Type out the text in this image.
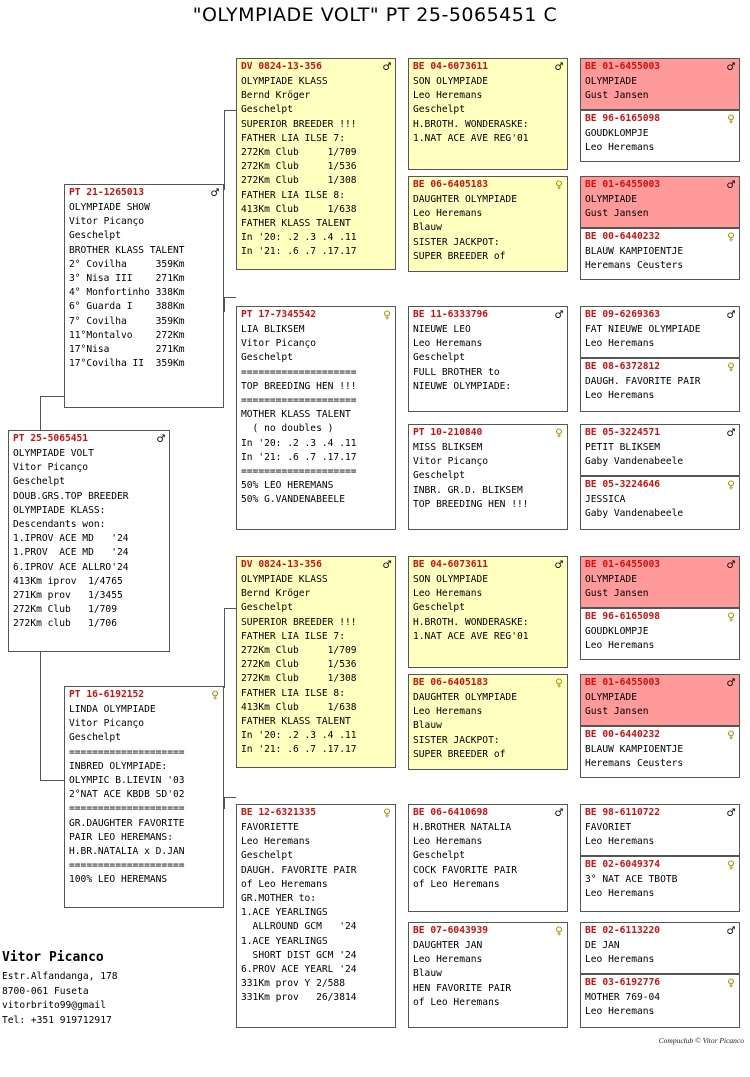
"OLYMPIADE VOLT" PT 25-5065451 C
PT 25-5065451	♂
OLYMPIADE VOLT
Vitor Picanço
Geschelpt
DOUB.GRS.TOP BREEDER
OLYMPIADE KLASS:
Descendants won:
1.IPROV ACE MD   '24
1.PROV  ACE MD   '24
6.IPROV ACE ALLRO'24
413Km iprov  1/4765
271Km prov   1/3455
272Km Club   1/709
272Km club   1/706
PT 21-1265013	♂
OLYMPIADE SHOW
Vitor Picanço
Geschelpt
BROTHER KLASS TALENT
2° Covilha     359Km
3° Nisa III    271Km
4° Monfortinho 338Km
6° Guarda I    388Km
7° Covilha     359Km
11°Montalvo    272Km
17°Nisa        271Km
17°Covilha II  359Km
PT 16-6192152	♀
LINDA OLYMPIADE
Vitor Picanço
Geschelpt
====================
INBRED OLYMPIADE:
OLYMPIC B.LIEVIN '03
2°NAT ACE KBDB SD'02
====================
GR.DAUGHTER FAVORITE
PAIR LEO HEREMANS:
H.BR.NATALIA x D.JAN
====================
100% LEO HEREMANS
DV 0824-13-356	♂
OLYMPIADE KLASS
Bernd Kröger
Geschelpt
SUPERIOR BREEDER !!!
FATHER LIA ILSE 7:
272Km Club     1/709
272Km Club     1/536
272Km Club     1/308
FATHER LIA ILSE 8:
413Km Club     1/638
FATHER KLASS TALENT
In '20: .2 .3 .4 .11
In '21: .6 .7 .17.17
PT 17-7345542	♀
LIA BLIKSEM
Vitor Picanço
Geschelpt
====================
TOP BREEDING HEN !!!
====================
MOTHER KLASS TALENT
( no doubles )
In '20: .2 .3 .4 .11
In '21: .6 .7 .17.17
====================
50% LEO HEREMANS
50% G.VANDENABEELE
DV 0824-13-356	♂
OLYMPIADE KLASS
Bernd Kröger
Geschelpt
SUPERIOR BREEDER !!!
FATHER LIA ILSE 7:
272Km Club     1/709
272Km Club     1/536
272Km Club     1/308
FATHER LIA ILSE 8:
413Km Club     1/638
FATHER KLASS TALENT
In '20: .2 .3 .4 .11
In '21: .6 .7 .17.17
BE 12-6321335	♀
FAVORIETTE
Leo Heremans
Geschelpt
DAUGH. FAVORITE PAIR
of Leo Heremans
GR.MOTHER to:
1.ACE YEARLINGS
ALLROUND GCM   '24
1.ACE YEARLINGS
SHORT DIST GCM '24
6.PROV ACE YEARL '24
331Km prov Y 2/588
331Km prov   26/3814
BE 04-6073611	♂
SON OLYMPIADE
Leo Heremans
Geschelpt
H.BROTH. WONDERASKE:
1.NAT ACE AVE REG'01
BE 06-6405183	♀
DAUGHTER OLYMPIADE
Leo Heremans
Blauw
SISTER JACKPOT:
SUPER BREEDER of
BE 11-6333796	♂
NIEUWE LEO
Leo Heremans
Geschelpt
FULL BROTHER to
NIEUWE OLYMPIADE:
PT 10-210840	♀
MISS BLIKSEM
Vitor Picanço
Geschelpt
INBR. GR.D. BLIKSEM
TOP BREEDING HEN !!!
BE 04-6073611	♂
SON OLYMPIADE
Leo Heremans
Geschelpt
H.BROTH. WONDERASKE:
1.NAT ACE AVE REG'01
BE 06-6405183	♀
DAUGHTER OLYMPIADE
Leo Heremans
Blauw
SISTER JACKPOT:
SUPER BREEDER of
BE 06-6410698	♂
H.BROTHER NATALIA
Leo Heremans
Geschelpt
COCK FAVORITE PAIR
of Leo Heremans
BE 07-6043939	♀
DAUGHTER JAN
Leo Heremans
Blauw
HEN FAVORITE PAIR
of Leo Heremans
BE 01-6455003	♂
OLYMPIADE
Gust Jansen
BE 96-6165098	♀
GOUDKLOMPJE
Leo Heremans
BE 01-6455003	♂
OLYMPIADE
Gust Jansen
BE 00-6440232	♀
BLAUW KAMPIOENTJE
Heremans Ceusters
BE 09-6269363	♂
FAT NIEUWE OLYMPIADE
Leo Heremans
BE 08-6372812	♀
DAUGH. FAVORITE PAIR
Leo Heremans
BE 05-3224571	♂
PETIT BLIKSEM
Gaby Vandenabeele
BE 05-3224646	♀
JESSICA
Gaby Vandenabeele
BE 01-6455003	♂
OLYMPIADE
Gust Jansen
BE 96-6165098	♀
GOUDKLOMPJE
Leo Heremans
BE 01-6455003	♂
OLYMPIADE
Gust Jansen
BE 00-6440232	♀
BLAUW KAMPIOENTJE
Heremans Ceusters
BE 98-6110722	♂
FAVORIET
Leo Heremans
BE 02-6049374	♀
3° NAT ACE TBOTB
Leo Heremans
BE 02-6113220	♂
DE JAN
Leo Heremans
BE 03-6192776	♀
MOTHER 769-04
Leo Heremans
Vitor Picanco
Estr.Alfandanga, 178
8700-061 Fuseta
vitorbrito99@gmail
Tel: +351 919712917
Compuclub © Vitor Picanco
